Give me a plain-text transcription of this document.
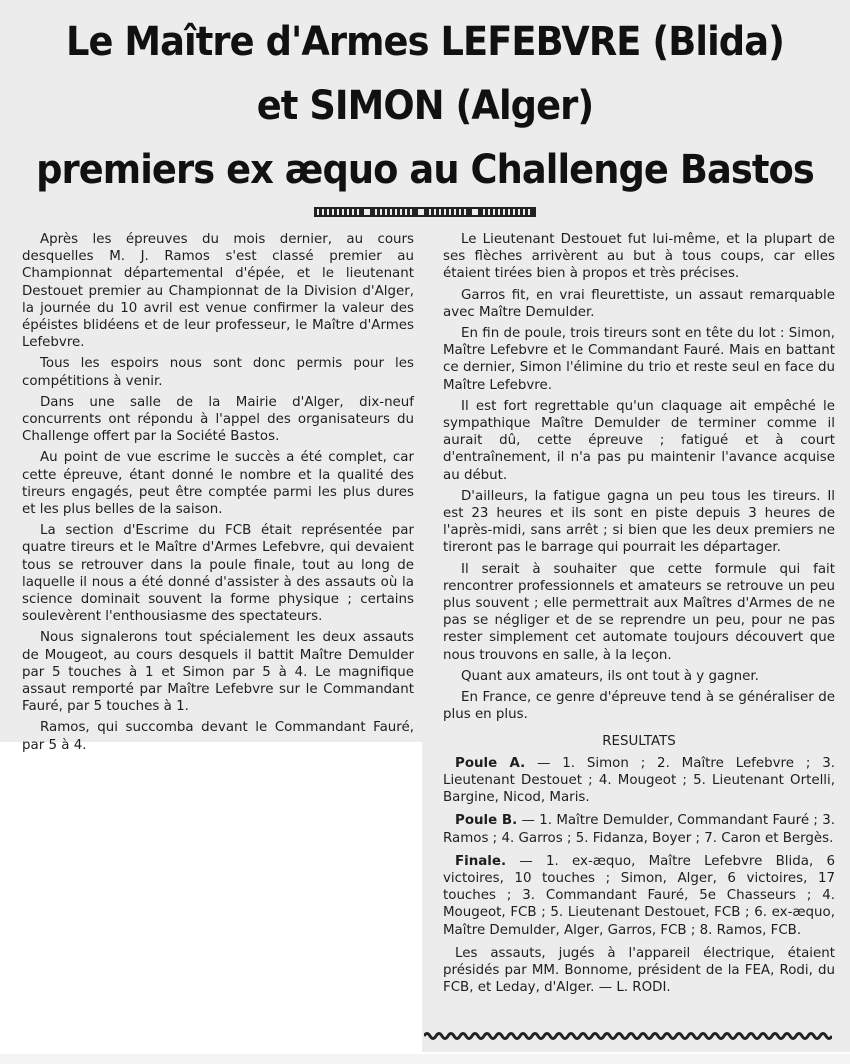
Le Maître d'Armes LEFEBVRE (Blida)
et SIMON (Alger)
premiers ex æquo au Challenge Bastos

Après les épreuves du mois dernier, au cours desquelles M. J. Ramos s'est classé premier au Championnat départemental d'épée, et le lieutenant Destouet premier au Championnat de la Division d'Alger, la journée du 10 avril est venue confirmer la valeur des épéistes blidéens et de leur professeur, le Maître d'Armes Lefebvre.

Tous les espoirs nous sont donc permis pour les compétitions à venir.

Dans une salle de la Mairie d'Alger, dix-neuf concurrents ont répondu à l'appel des organisateurs du Challenge offert par la Société Bastos.

Au point de vue escrime le succès a été complet, car cette épreuve, étant donné le nombre et la qualité des tireurs engagés, peut être comptée parmi les plus dures et les plus belles de la saison.

La section d'Escrime du FCB était représentée par quatre tireurs et le Maître d'Armes Lefebvre, qui devaient tous se retrouver dans la poule finale, tout au long de laquelle il nous a été donné d'assister à des assauts où la science dominait souvent la forme physique ; certains soulevèrent l'enthousiasme des spectateurs.

Nous signalerons tout spécialement les deux assauts de Mougeot, au cours desquels il battit Maître Demulder par 5 touches à 1 et Simon par 5 à 4. Le magnifique assaut remporté par Maître Lefebvre sur le Commandant Fauré, par 5 touches à 1.

Ramos, qui succomba devant le Commandant Fauré, par 5 à 4.

Le Lieutenant Destouet fut lui-même, et la plupart de ses flèches arrivèrent au but à tous coups, car elles étaient tirées bien à propos et très précises.

Garros fit, en vrai fleurettiste, un assaut remarquable avec Maître Demulder.

En fin de poule, trois tireurs sont en tête du lot : Simon, Maître Lefebvre et le Commandant Fauré. Mais en battant ce dernier, Simon l'élimine du trio et reste seul en face du Maître Lefebvre.

Il est fort regrettable qu'un claquage ait empêché le sympathique Maître Demulder de terminer comme il aurait dû, cette épreuve ; fatigué et à court d'entraînement, il n'a pas pu maintenir l'avance acquise au début.

D'ailleurs, la fatigue gagna un peu tous les tireurs. Il est 23 heures et ils sont en piste depuis 3 heures de l'après-midi, sans arrêt ; si bien que les deux premiers ne tireront pas le barrage qui pourrait les départager.

Il serait à souhaiter que cette formule qui fait rencontrer professionnels et amateurs se retrouve un peu plus souvent ; elle permettrait aux Maîtres d'Armes de ne pas se négliger et de se reprendre un peu, pour ne pas rester simplement cet automate toujours découvert que nous trouvons en salle, à la leçon.

Quant aux amateurs, ils ont tout à y gagner.

En France, ce genre d'épreuve tend à se généraliser de plus en plus.

RESULTATS

Poule A. — 1. Simon ; 2. Maître Lefebvre ; 3. Lieutenant Destouet ; 4. Mougeot ; 5. Lieutenant Ortelli, Bargine, Nicod, Maris.

Poule B. — 1. Maître Demulder, Commandant Fauré ; 3. Ramos ; 4. Garros ; 5. Fidanza, Boyer ; 7. Caron et Bergès.

Finale. — 1. ex-æquo, Maître Lefebvre Blida, 6 victoires, 10 touches ; Simon, Alger, 6 victoires, 17 touches ; 3. Commandant Fauré, 5e Chasseurs ; 4. Mougeot, FCB ; 5. Lieutenant Destouet, FCB ; 6. ex-æquo, Maître Demulder, Alger, Garros, FCB ; 8. Ramos, FCB.

Les assauts, jugés à l'appareil électrique, étaient présidés par MM. Bonnome, président de la FEA, Rodi, du FCB, et Leday, d'Alger. — L. RODI.
